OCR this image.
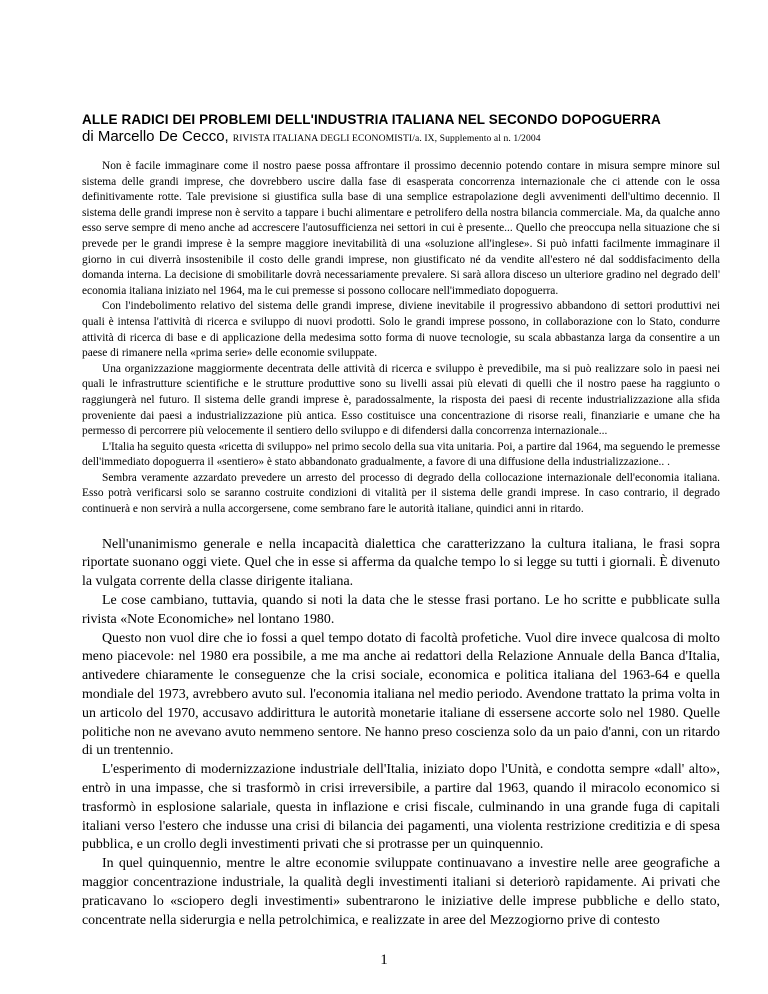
ALLE RADICI DEI PROBLEMI DELL'INDUSTRIA ITALIANA NEL SECONDO DOPOGUERRA
di Marcello De Cecco, RIVISTA ITALIANA DEGLI ECONOMISTI/a. IX, Supplemento al n. 1/2004

Non è facile immaginare come il nostro paese possa affrontare il prossimo decennio potendo contare in misura sempre minore sul sistema delle grandi imprese, che dovrebbero uscire dalla fase di esasperata concorrenza internazionale che ci attende con le ossa definitivamente rotte. Tale previsione si giustifica sulla base di una semplice estrapolazione degli avvenimenti dell'ultimo decennio. Il sistema delle grandi imprese non è servito a tappare i buchi alimentare e petrolifero della nostra bilancia commerciale. Ma, da qualche anno esso serve sempre di meno anche ad accrescere l'autosufficienza nei settori in cui è presente... Quello che preoccupa nella situazione che si prevede per le grandi imprese è la sempre maggiore inevitabilità di una «soluzione all'inglese». Si può infatti facilmente immaginare il giorno in cui diverrà insostenibile il costo delle grandi imprese, non giustificato né da vendite all'estero né dal soddisfacimento della domanda interna. La decisione di smobilitarle dovrà necessariamente prevalere. Si sarà allora disceso un ulteriore gradino nel degrado dell' economia italiana iniziato nel 1964, ma le cui premesse si possono collocare nell'immediato dopoguerra.

Con l'indebolimento relativo del sistema delle grandi imprese, diviene inevitabile il progressivo abbandono di settori produttivi nei quali è intensa l'attività di ricerca e sviluppo di nuovi prodotti. Solo le grandi imprese possono, in collaborazione con lo Stato, condurre attività di ricerca di base e di applicazione della medesima sotto forma di nuove tecnologie, su scala abbastanza larga da consentire a un paese di rimanere nella «prima serie» delle economie sviluppate.

Una organizzazione maggiormente decentrata delle attività di ricerca e sviluppo è prevedibile, ma si può realizzare solo in paesi nei quali le infrastrutture scientifiche e le strutture produttive sono su livelli assai più elevati di quelli che il nostro paese ha raggiunto o raggiungerà nel futuro. Il sistema delle grandi imprese è, paradossalmente, la risposta dei paesi di recente industrializzazione alla sfida proveniente dai paesi a industrializzazione più antica. Esso costituisce una concentrazione di risorse reali, finanziarie e umane che ha permesso di percorrere più velocemente il sentiero dello sviluppo e di difendersi dalla concorrenza internazionale...

L'Italia ha seguito questa «ricetta di sviluppo» nel primo secolo della sua vita unitaria. Poi, a partire dal 1964, ma seguendo le premesse dell'immediato dopoguerra il «sentiero» è stato abbandonato gradualmente, a favore di una diffusione della industrializzazione.. .

Sembra veramente azzardato prevedere un arresto del processo di degrado della collocazione internazionale dell'economia italiana. Esso potrà verificarsi solo se saranno costruite condizioni di vitalità per il sistema delle grandi imprese. In caso contrario, il degrado continuerà e non servirà a nulla accorgersene, come sembrano fare le autorità italiane, quindici anni in ritardo.

Nell'unanimismo generale e nella incapacità dialettica che caratterizzano la cultura italiana, le frasi sopra riportate suonano oggi viete. Quel che in esse si afferma da qualche tempo lo si legge su tutti i giornali. È divenuto la vulgata corrente della classe dirigente italiana.

Le cose cambiano, tuttavia, quando si noti la data che le stesse frasi portano. Le ho scritte e pubblicate sulla rivista «Note Economiche» nel lontano 1980.

Questo non vuol dire che io fossi a quel tempo dotato di facoltà profetiche. Vuol dire invece qualcosa di molto meno piacevole: nel 1980 era possibile, a me ma anche ai redattori della Relazione Annuale della Banca d'Italia, antivedere chiaramente le conseguenze che la crisi sociale, economica e politica italiana del 1963-64 e quella mondiale del 1973, avrebbero avuto sul. l'economia italiana nel medio periodo. Avendone trattato la prima volta in un articolo del 1970, accusavo addirittura le autorità monetarie italiane di essersene accorte solo nel 1980. Quelle politiche non ne avevano avuto nemmeno sentore. Ne hanno preso coscienza solo da un paio d'anni, con un ritardo di un trentennio.

L'esperimento di modernizzazione industriale dell'Italia, iniziato dopo l'Unità, e condotta sempre «dall' alto», entrò in una impasse, che si trasformò in crisi irreversibile, a partire dal 1963, quando il miracolo economico si trasformò in esplosione salariale, questa in inflazione e crisi fiscale, culminando in una grande fuga di capitali italiani verso l'estero che indusse una crisi di bilancia dei pagamenti, una violenta restrizione creditizia e di spesa pubblica, e un crollo degli investimenti privati che si protrasse per un quinquennio.

In quel quinquennio, mentre le altre economie sviluppate continuavano a investire nelle aree geografiche a maggior concentrazione industriale, la qualità degli investimenti italiani si deteriorò rapidamente. Ai privati che praticavano lo «sciopero degli investimenti» subentrarono le iniziative delle imprese pubbliche e dello stato, concentrate nella siderurgia e nella petrolchimica, e realizzate in aree del Mezzogiorno prive di contesto

1
